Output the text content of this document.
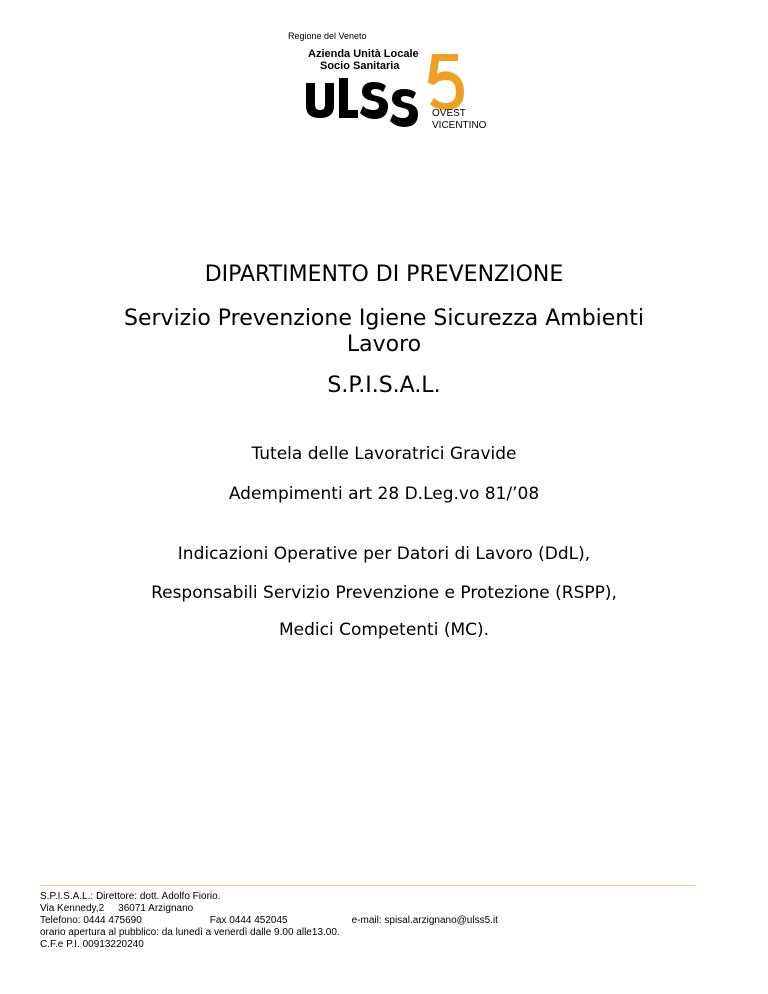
Regione del Veneto
Azienda Unità Locale
Socio Sanitaria
OVEST
VICENTINO
DIPARTIMENTO DI PREVENZIONE
Servizio Prevenzione Igiene Sicurezza Ambienti
Lavoro
S.P.I.S.A.L.
Tutela delle Lavoratrici Gravide
Adempimenti art 28 D.Leg.vo 81/’08
Indicazioni Operative per Datori di Lavoro (DdL),
Responsabili Servizio Prevenzione e Protezione (RSPP),
Medici Competenti (MC).
S.P.I.S.A.L.: Direttore: dott. Adolfo Fiorio.
Via Kennedy,2 36071 Arzignano
Telefono: 0444 475690	Fax 0444 452045	e-mail: spisal.arzignano@ulss5.it
orario apertura al pubblico: da lunedì a venerdì dalle 9.00 alle13.00.
C.F.e P.I. 00913220240
